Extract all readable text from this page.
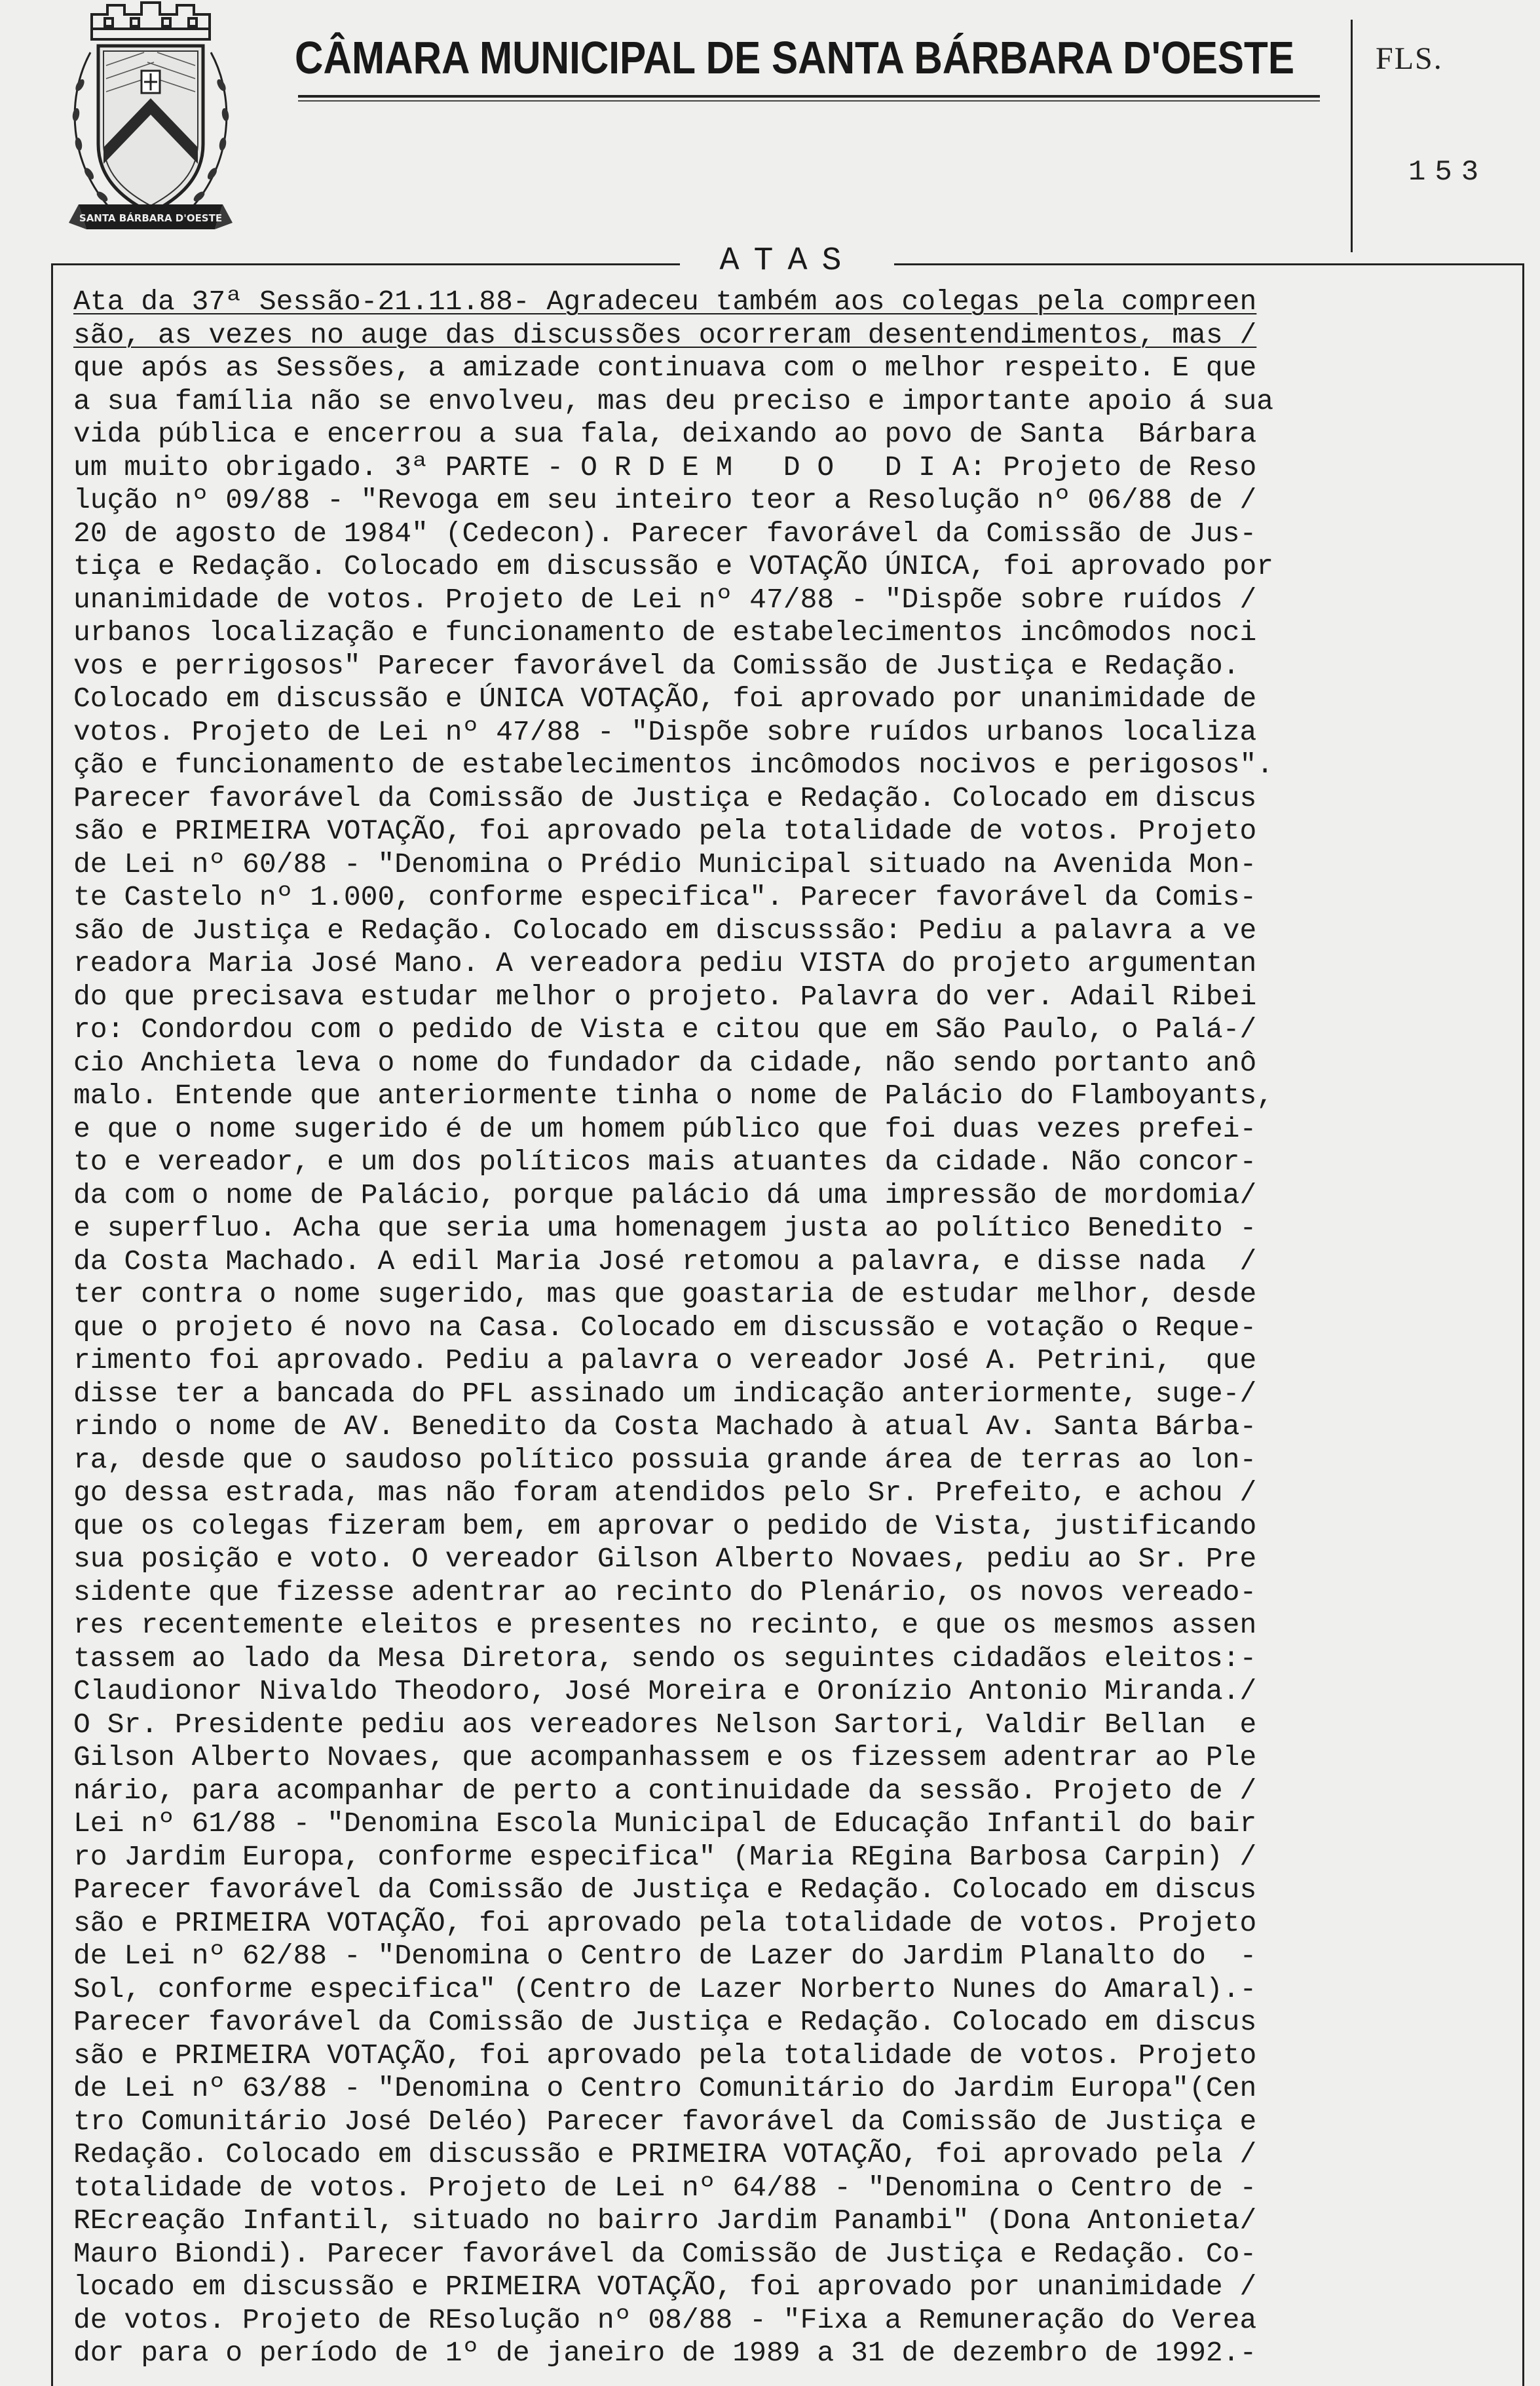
SANTA BÁRBARA D'OESTE
CÂMARA MUNICIPAL DE SANTA BÁRBARA D'OESTE	FLS.
153
ATAS
Ata da 37ª Sessão-21.11.88- Agradeceu também aos colegas pela compreen
são, as vezes no auge das discussões ocorreram desentendimentos, mas /
que após as Sessões, a amizade continuava com o melhor respeito. E que
a sua família não se envolveu, mas deu preciso e importante apoio á sua
vida pública e encerrou a sua fala, deixando ao povo de Santa  Bárbara
um muito obrigado. 3ª PARTE - O R D E M   D O   D I A: Projeto de Reso
lução nº 09/88 - "Revoga em seu inteiro teor a Resolução nº 06/88 de /
20 de agosto de 1984" (Cedecon). Parecer favorável da Comissão de Jus-
tiça e Redação. Colocado em discussão e VOTAÇÃO ÚNICA, foi aprovado por
unanimidade de votos. Projeto de Lei nº 47/88 - "Dispõe sobre ruídos /
urbanos localização e funcionamento de estabelecimentos incômodos noci
vos e perrigosos" Parecer favorável da Comissão de Justiça e Redação.
Colocado em discussão e ÚNICA VOTAÇÃO, foi aprovado por unanimidade de
votos. Projeto de Lei nº 47/88 - "Dispõe sobre ruídos urbanos localiza
ção e funcionamento de estabelecimentos incômodos nocivos e perigosos".
Parecer favorável da Comissão de Justiça e Redação. Colocado em discus
são e PRIMEIRA VOTAÇÃO, foi aprovado pela totalidade de votos. Projeto
de Lei nº 60/88 - "Denomina o Prédio Municipal situado na Avenida Mon-
te Castelo nº 1.000, conforme especifica". Parecer favorável da Comis-
são de Justiça e Redação. Colocado em discusssão: Pediu a palavra a ve
readora Maria José Mano. A vereadora pediu VISTA do projeto argumentan
do que precisava estudar melhor o projeto. Palavra do ver. Adail Ribei
ro: Condordou com o pedido de Vista e citou que em São Paulo, o Palá-/
cio Anchieta leva o nome do fundador da cidade, não sendo portanto anô
malo. Entende que anteriormente tinha o nome de Palácio do Flamboyants,
e que o nome sugerido é de um homem público que foi duas vezes prefei-
to e vereador, e um dos políticos mais atuantes da cidade. Não concor-
da com o nome de Palácio, porque palácio dá uma impressão de mordomia/
e superfluo. Acha que seria uma homenagem justa ao político Benedito -
da Costa Machado. A edil Maria José retomou a palavra, e disse nada  /
ter contra o nome sugerido, mas que goastaria de estudar melhor, desde
que o projeto é novo na Casa. Colocado em discussão e votação o Reque-
rimento foi aprovado. Pediu a palavra o vereador José A. Petrini,  que
disse ter a bancada do PFL assinado um indicação anteriormente, suge-/
rindo o nome de AV. Benedito da Costa Machado à atual Av. Santa Bárba-
ra, desde que o saudoso político possuia grande área de terras ao lon-
go dessa estrada, mas não foram atendidos pelo Sr. Prefeito, e achou /
que os colegas fizeram bem, em aprovar o pedido de Vista, justificando
sua posição e voto. O vereador Gilson Alberto Novaes, pediu ao Sr. Pre
sidente que fizesse adentrar ao recinto do Plenário, os novos vereado-
res recentemente eleitos e presentes no recinto, e que os mesmos assen
tassem ao lado da Mesa Diretora, sendo os seguintes cidadãos eleitos:-
Claudionor Nivaldo Theodoro, José Moreira e Oronízio Antonio Miranda./
O Sr. Presidente pediu aos vereadores Nelson Sartori, Valdir Bellan  e
Gilson Alberto Novaes, que acompanhassem e os fizessem adentrar ao Ple
nário, para acompanhar de perto a continuidade da sessão. Projeto de /
Lei nº 61/88 - "Denomina Escola Municipal de Educação Infantil do bair
ro Jardim Europa, conforme especifica" (Maria REgina Barbosa Carpin) /
Parecer favorável da Comissão de Justiça e Redação. Colocado em discus
são e PRIMEIRA VOTAÇÃO, foi aprovado pela totalidade de votos. Projeto
de Lei nº 62/88 - "Denomina o Centro de Lazer do Jardim Planalto do  -
Sol, conforme especifica" (Centro de Lazer Norberto Nunes do Amaral).-
Parecer favorável da Comissão de Justiça e Redação. Colocado em discus
são e PRIMEIRA VOTAÇÃO, foi aprovado pela totalidade de votos. Projeto
de Lei nº 63/88 - "Denomina o Centro Comunitário do Jardim Europa"(Cen
tro Comunitário José Deléo) Parecer favorável da Comissão de Justiça e
Redação. Colocado em discussão e PRIMEIRA VOTAÇÃO, foi aprovado pela /
totalidade de votos. Projeto de Lei nº 64/88 - "Denomina o Centro de -
REcreação Infantil, situado no bairro Jardim Panambi" (Dona Antonieta/
Mauro Biondi). Parecer favorável da Comissão de Justiça e Redação. Co-
locado em discussão e PRIMEIRA VOTAÇÃO, foi aprovado por unanimidade /
de votos. Projeto de REsolução nº 08/88 - "Fixa a Remuneração do Verea
dor para o período de 1º de janeiro de 1989 a 31 de dezembro de 1992.-
